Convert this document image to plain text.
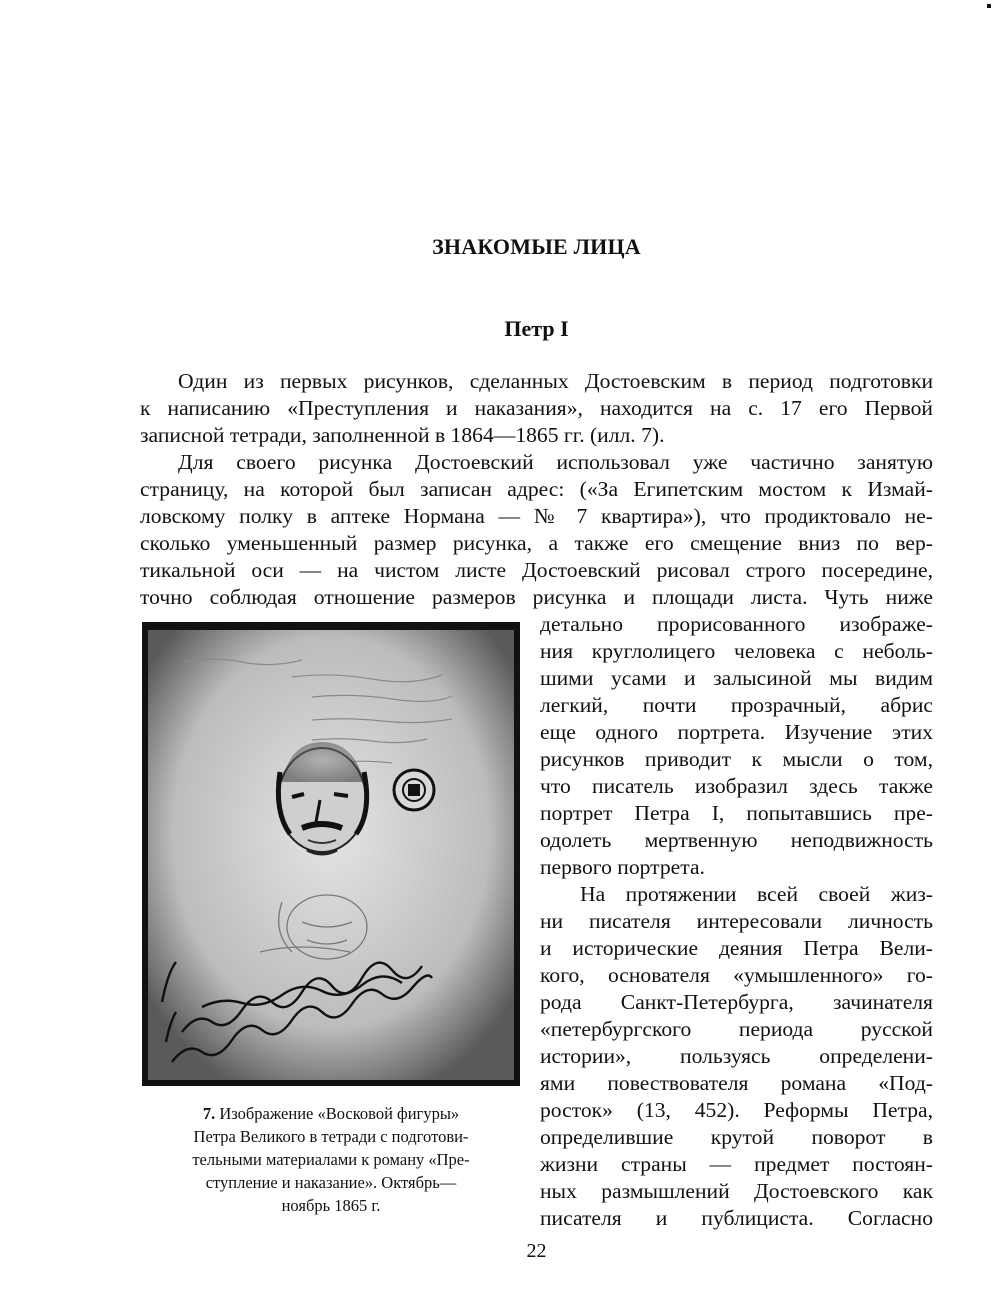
ЗНАКОМЫЕ ЛИЦА
Петр I
Один из первых рисунков, сделанных Достоевским в период подготовки
к написанию «Преступления и наказания», находится на с. 17 его Первой
записной тетради, заполненной в 1864—1865 гг. (илл. 7).
Для своего рисунка Достоевский использовал уже частично занятую
страницу, на которой был записан адрес: («За Египетским мостом к Измай-
ловскому полку в аптеке Нормана — № 7 квартира»), что продиктовало не-
сколько уменьшенный размер рисунка, а также его смещение вниз по вер-
тикальной оси — на чистом листе Достоевский рисовал строго посередине,
точно соблюдая отношение размеров рисунка и площади листа. Чуть ниже
детально прорисованного изображе-
ния круглолицего человека с неболь-
шими усами и залысиной мы видим
легкий, почти прозрачный, абрис
еще одного портрета. Изучение этих
рисунков приводит к мысли о том,
что писатель изобразил здесь также
портрет Петра I, попытавшись пре-
одолеть мертвенную неподвижность
первого портрета.
На протяжении всей своей жиз-
ни писателя интересовали личность
и исторические деяния Петра Вели-
кого, основателя «умышленного» го-
рода Санкт-Петербурга, зачинателя
«петербургского периода русской
истории», пользуясь определени-
ями повествователя романа «Под-
росток» (13, 452). Реформы Петра,
определившие крутой поворот в
жизни страны — предмет постоян-
ных размышлений Достоевского как
писателя и публициста. Согласно
7. Изображение «Восковой фигуры»
Петра Великого в тетради с подготови-
тельными материалами к роману «Пре-
ступление и наказание». Октябрь—
ноябрь 1865 г.
22
